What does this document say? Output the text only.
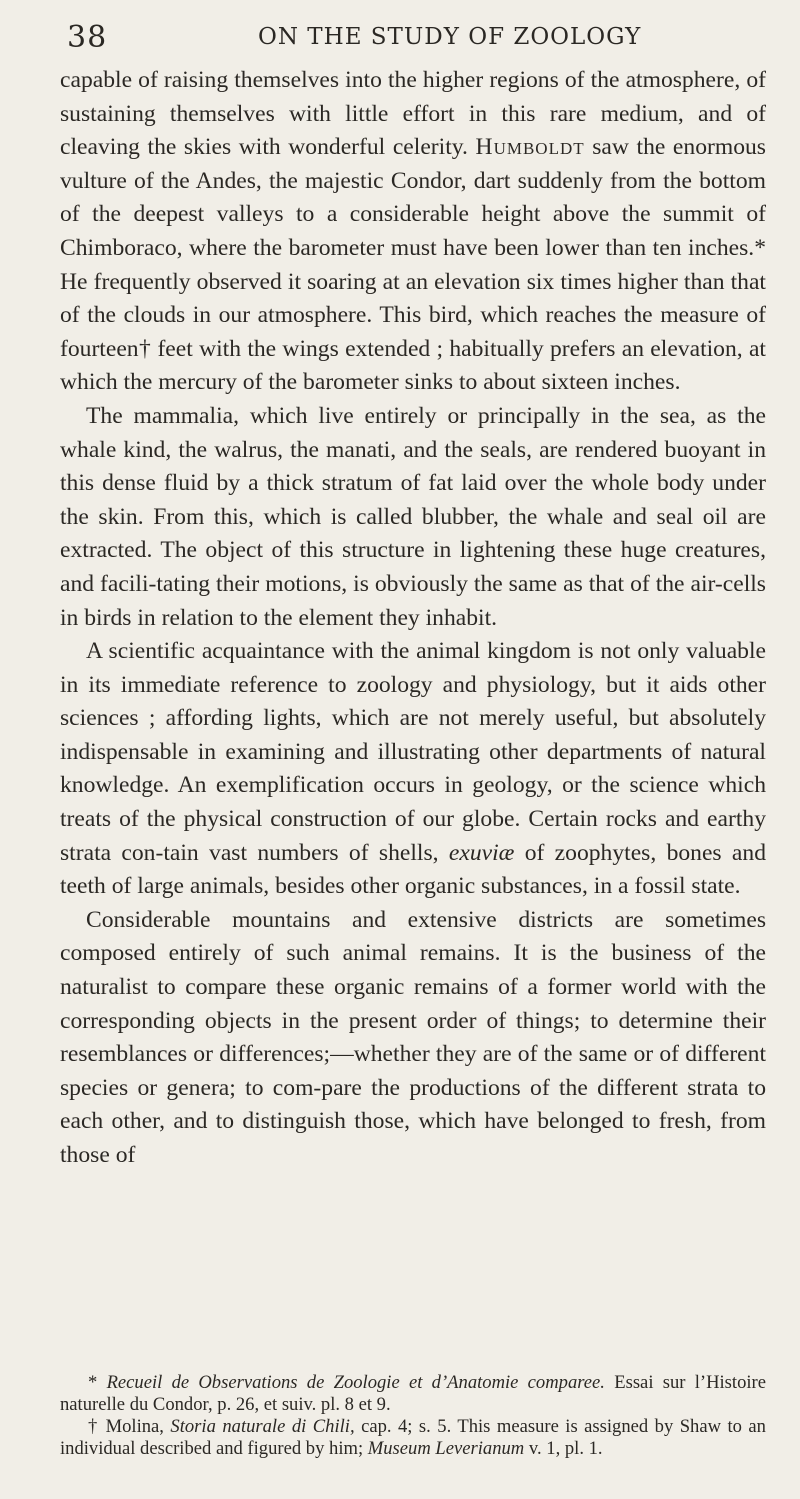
38	ON THE STUDY OF ZOOLOGY

capable of raising themselves into the higher regions of the atmosphere, of sustaining themselves with little effort in this rare medium, and of cleaving the skies with wonderful celerity. Humboldt saw the enormous vulture of the Andes, the majestic Condor, dart suddenly from the bottom of the deepest valleys to a considerable height above the summit of Chimboraco, where the barometer must have been lower than ten inches.* He frequently observed it soaring at an elevation six times higher than that of the clouds in our atmosphere. This bird, which reaches the measure of fourteen† feet with the wings extended ; habitually prefers an elevation, at which the mercury of the barometer sinks to about sixteen inches.

The mammalia, which live entirely or principally in the sea, as the whale kind, the walrus, the manati, and the seals, are rendered buoyant in this dense fluid by a thick stratum of fat laid over the whole body under the skin. From this, which is called blubber, the whale and seal oil are extracted. The object of this structure in lightening these huge creatures, and facili-tating their motions, is obviously the same as that of the air-cells in birds in relation to the element they inhabit.

A scientific acquaintance with the animal kingdom is not only valuable in its immediate reference to zoology and physiology, but it aids other sciences ; affording lights, which are not merely useful, but absolutely indispensable in examining and illustrating other departments of natural knowledge. An exemplification occurs in geology, or the science which treats of the physical construction of our globe. Certain rocks and earthy strata con-tain vast numbers of shells, exuviæ of zoophytes, bones and teeth of large animals, besides other organic substances, in a fossil state.

Considerable mountains and extensive districts are sometimes composed entirely of such animal remains. It is the business of the naturalist to compare these organic remains of a former world with the corresponding objects in the present order of things; to determine their resemblances or differences;—whether they are of the same or of different species or genera; to com-pare the productions of the different strata to each other, and to distinguish those, which have belonged to fresh, from those of

* Recueil de Observations de Zoologie et d’Anatomie comparee. Essai sur l’Histoire naturelle du Condor, p. 26, et suiv. pl. 8 et 9.

† Molina, Storia naturale di Chili, cap. 4; s. 5. This measure is assigned by Shaw to an individual described and figured by him; Museum Leverianum v. 1, pl. 1.
